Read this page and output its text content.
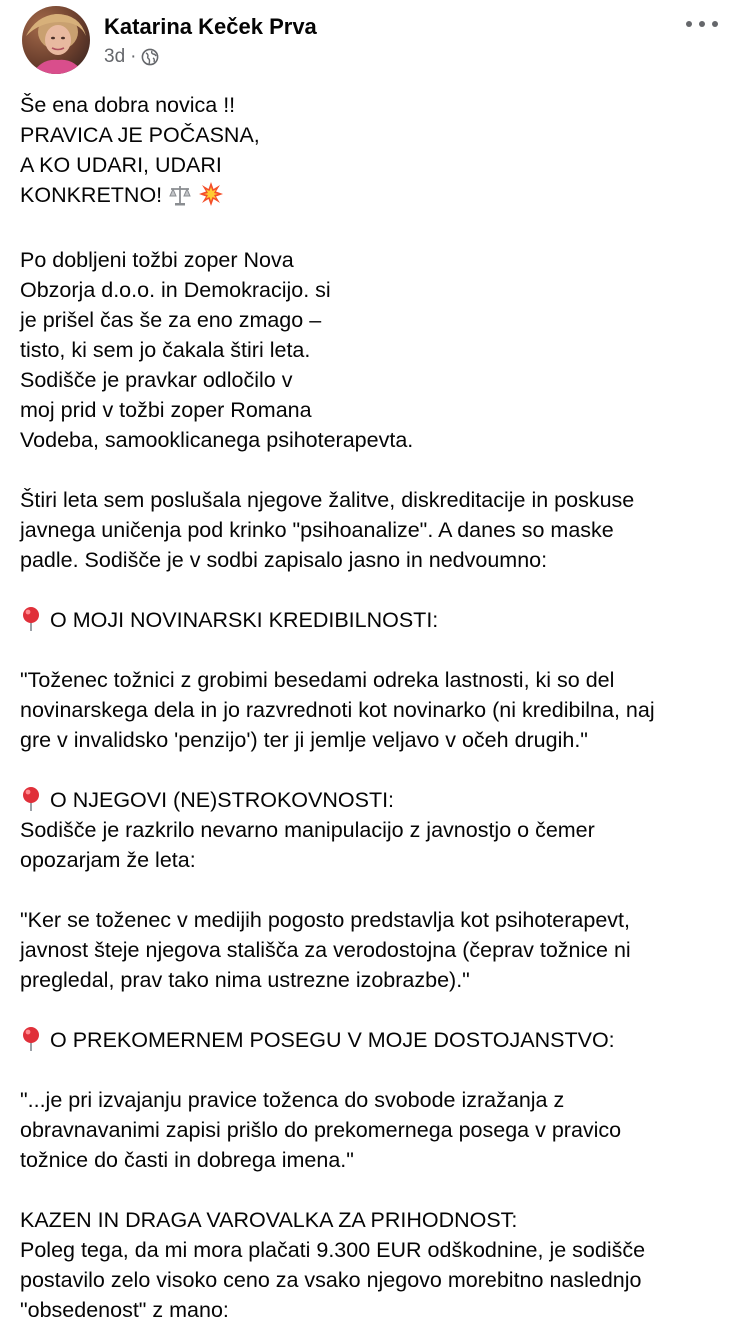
Katarina Keček Prva
3d ·
Še ena dobra novica !!
PRAVICA JE POČASNA,
A KO UDARI, UDARI
KONKRETNO!
Po dobljeni tožbi zoper Nova
Obzorja d.o.o. in Demokracijo. si
je prišel čas še za eno zmago –
tisto, ki sem jo čakala štiri leta.
Sodišče je pravkar odločilo v
moj prid v tožbi zoper Romana
Vodeba, samooklicanega psihoterapevta.
Štiri leta sem poslušala njegove žalitve, diskreditacije in poskuse
javnega uničenja pod krinko "psihoanalize". A danes so maske
padle. Sodišče je v sodbi zapisalo jasno in nedvoumno:
O MOJI NOVINARSKI KREDIBILNOSTI:
"Toženec tožnici z grobimi besedami odreka lastnosti, ki so del
novinarskega dela in jo razvrednoti kot novinarko (ni kredibilna, naj
gre v invalidsko 'penzijo') ter ji jemlje veljavo v očeh drugih."
O NJEGOVI (NE)STROKOVNOSTI:
Sodišče je razkrilo nevarno manipulacijo z javnostjo o čemer
opozarjam že leta:
"Ker se toženec v medijih pogosto predstavlja kot psihoterapevt,
javnost šteje njegova stališča za verodostojna (čeprav tožnice ni
pregledal, prav tako nima ustrezne izobrazbe)."
O PREKOMERNEM POSEGU V MOJE DOSTOJANSTVO:
"...je pri izvajanju pravice toženca do svobode izražanja z
obravnavanimi zapisi prišlo do prekomernega posega v pravico
tožnice do časti in dobrega imena."
KAZEN IN DRAGA VAROVALKA ZA PRIHODNOST:
Poleg tega, da mi mora plačati 9.300 EUR odškodnine, je sodišče
postavilo zelo visoko ceno za vsako njegovo morebitno naslednjo
"obsedenost" z mano:
